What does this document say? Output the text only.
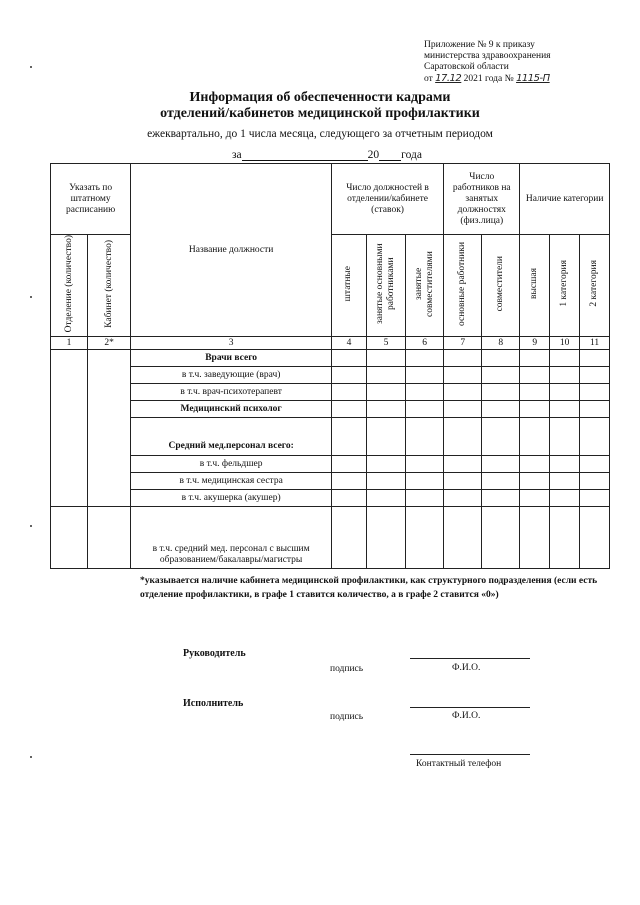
Приложение № 9 к приказу
министерства здравоохранения
Саратовской области
от 17.12 2021 года № 1115-П
Информация об обеспеченности кадрами
отделений/кабинетов медицинской профилактики
ежеквартально, до 1 числа месяца, следующего за отчетным периодом
за	20 года
Указать по штатному расписанию		Название должности	Число должностей в отделении/кабинете (ставок)			Число работников на занятых должностях (физ.лица)		Наличие категории		
Отделение (количество)	Кабинет (количество)		штатные	занятые основными работниками	занятые совместителями	основные работники	совместители	высшая	1 категория	2 категория
1	2*	3	4	5	6	7	8	9	10	11
		Врачи всего								
		в т.ч. заведующие (врач)								
		в т.ч. врач-психотерапевт								
		Медицинский психолог								
		Средний мед.персонал всего:								
		в т.ч. фельдшер								
		в т.ч. медицинская сестра								
		в т.ч. акушерка (акушер)								
		в т.ч. средний мед. персонал с высшим образованием/бакалавры/магистры								
*указывается наличие кабинета медицинской профилактики, как структурного подразделения (если есть отделение профилактики, в графе 1 ставится количество, а в графе 2 ставится «0»)
Руководитель
подпись	Ф.И.О.
Исполнитель
подпись	Ф.И.О.
Контактный телефон
